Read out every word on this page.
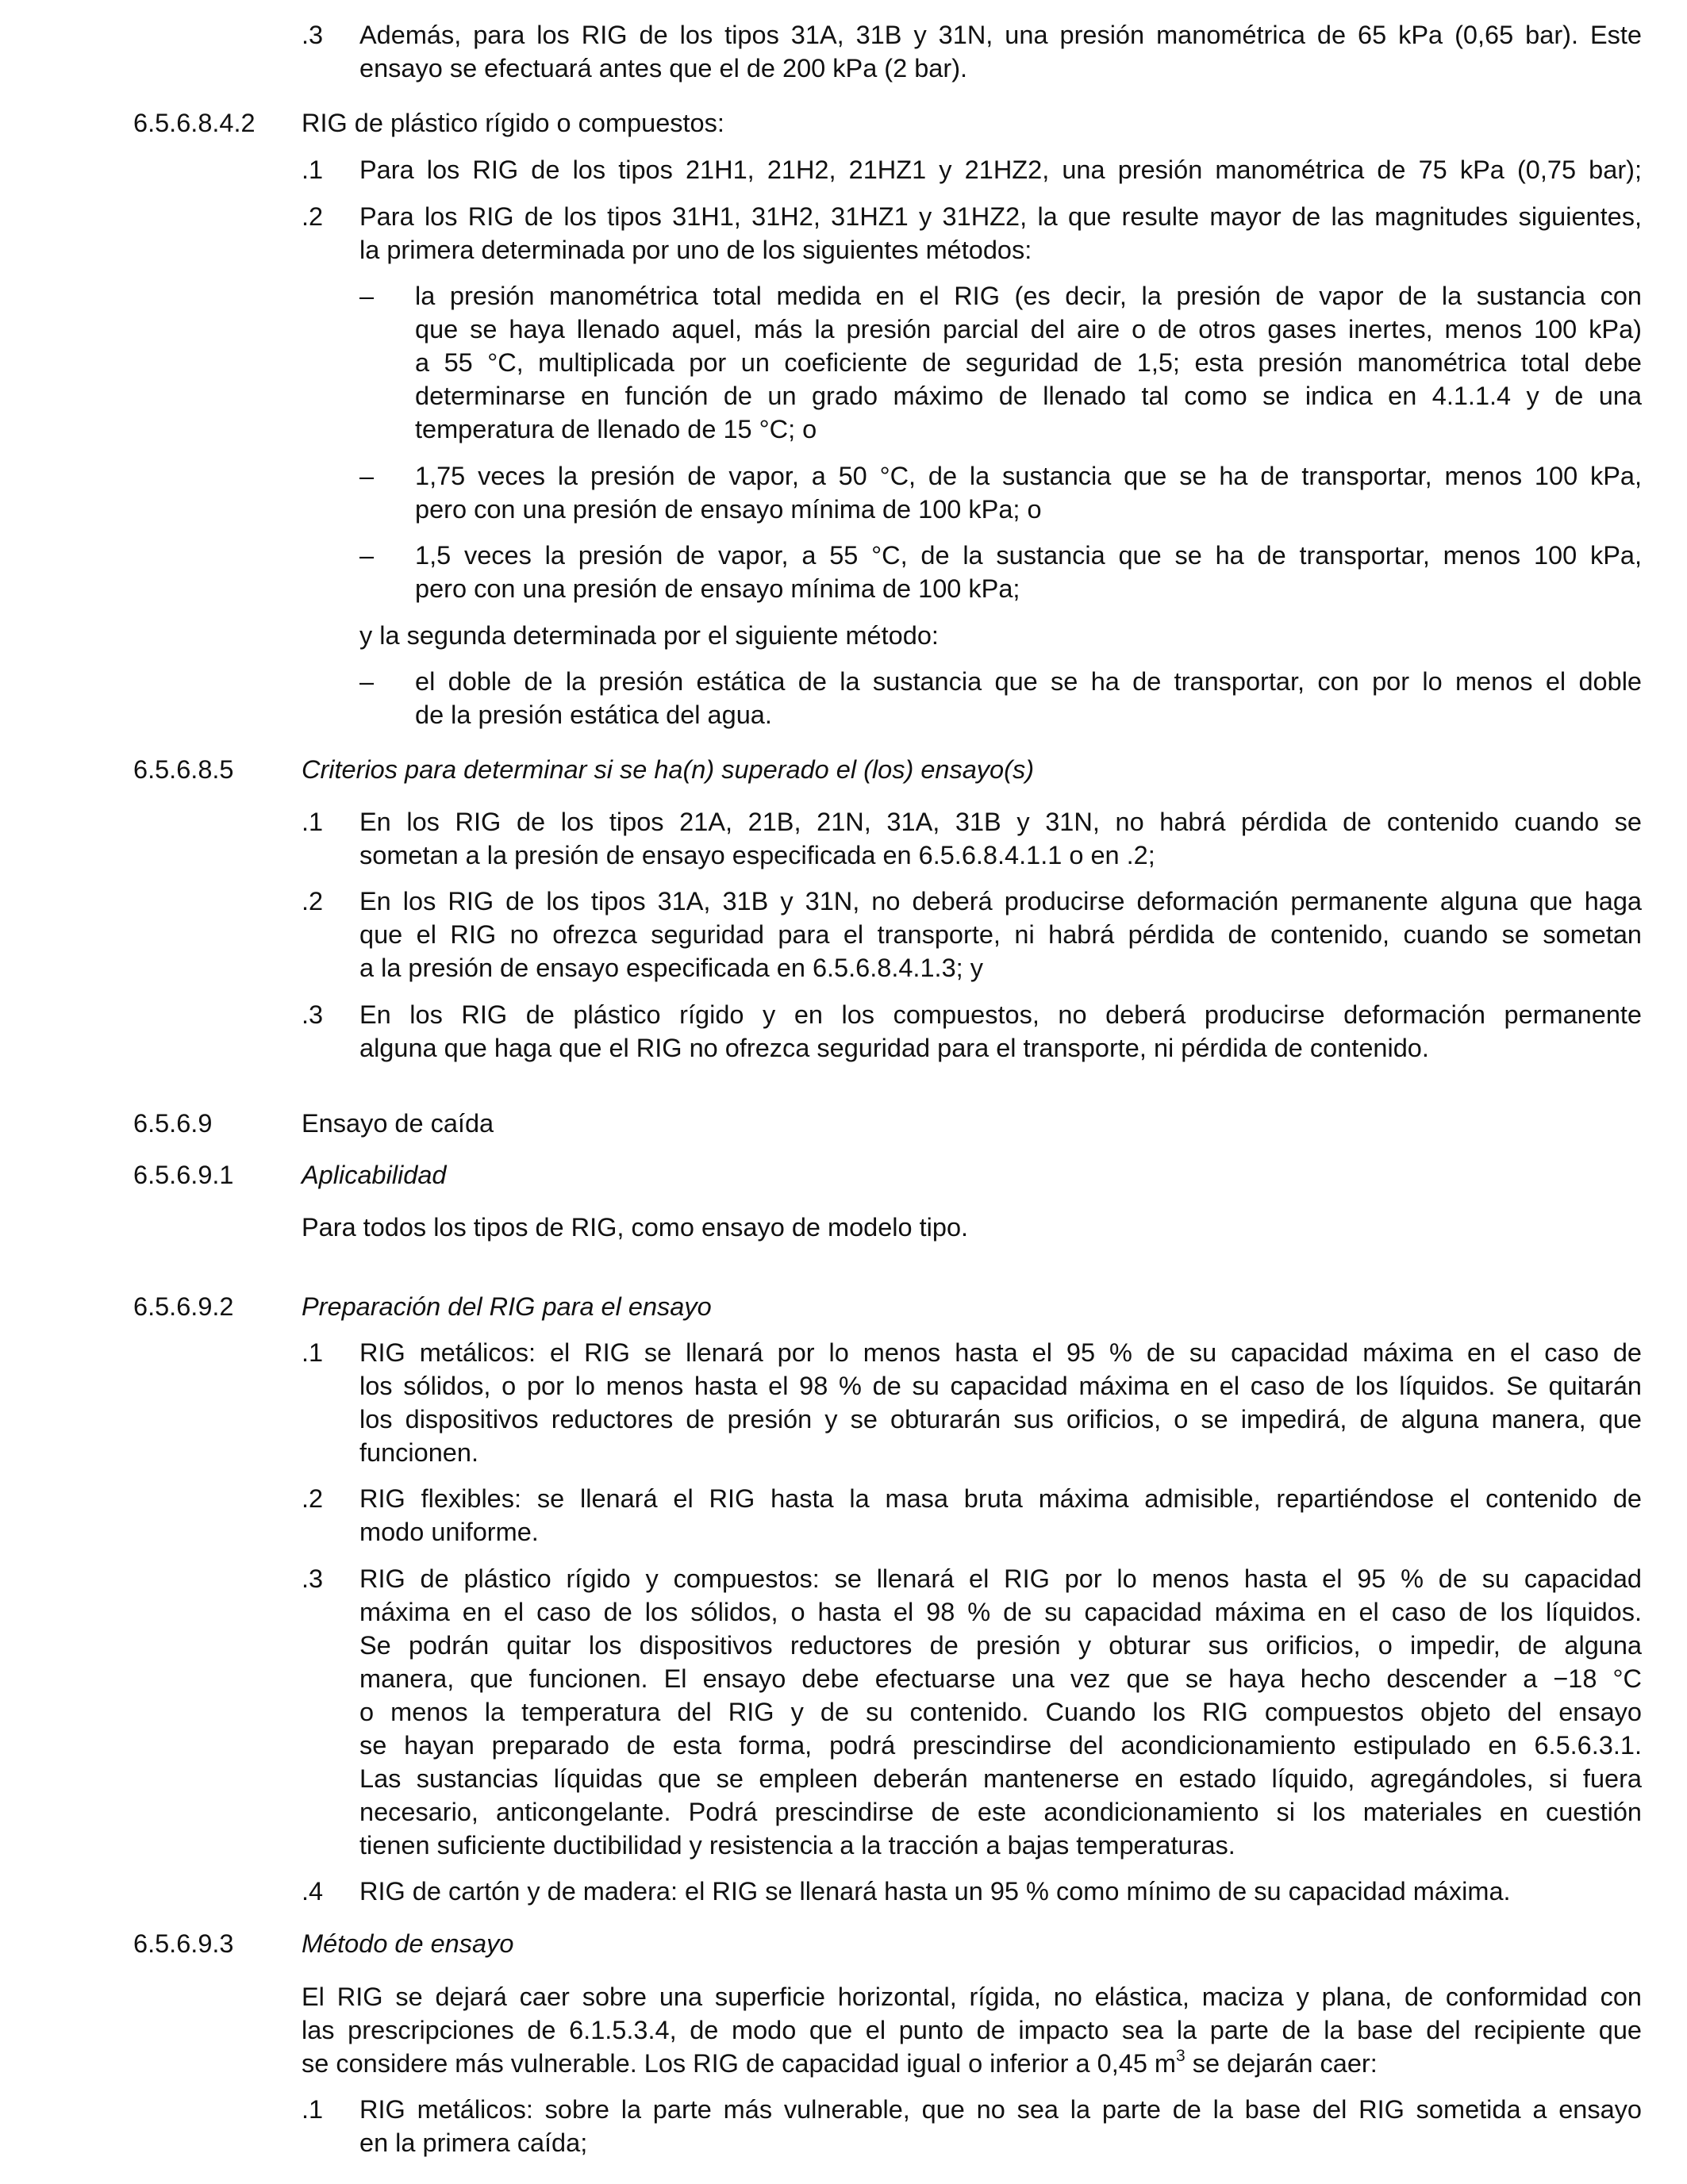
.3
6.5.6.8.4.2
.1
.2
–
–
–
–
6.5.6.8.5
.1
.2
.3
6.5.6.9
6.5.6.9.1
6.5.6.9.2
.1
.2
.3
.4
6.5.6.9.3
.1
Además, para los RIG de los tipos 31A, 31B y 31N, una presión manométrica de 65 kPa (0,65 bar). Este
ensayo se efectuará antes que el de 200 kPa (2 bar).
RIG de plástico rígido o compuestos:
Para los RIG de los tipos 21H1, 21H2, 21HZ1 y 21HZ2, una presión manométrica de 75 kPa (0,75 bar);
Para los RIG de los tipos 31H1, 31H2, 31HZ1 y 31HZ2, la que resulte mayor de las magnitudes siguientes,
la primera determinada por uno de los siguientes métodos:
la presión manométrica total medida en el RIG (es decir, la presión de vapor de la sustancia con
que se haya llenado aquel, más la presión parcial del aire o de otros gases inertes, menos 100 kPa)
a 55 °C, multiplicada por un coeficiente de seguridad de 1,5; esta presión manométrica total debe
determinarse en función de un grado máximo de llenado tal como se indica en 4.1.1.4 y de una
temperatura de llenado de 15 °C; o
1,75 veces la presión de vapor, a 50 °C, de la sustancia que se ha de transportar, menos 100 kPa,
pero con una presión de ensayo mínima de 100 kPa; o
1,5 veces la presión de vapor, a 55 °C, de la sustancia que se ha de transportar, menos 100 kPa,
pero con una presión de ensayo mínima de 100 kPa;
y la segunda determinada por el siguiente método:
el doble de la presión estática de la sustancia que se ha de transportar, con por lo menos el doble
de la presión estática del agua.
Criterios para determinar si se ha(n) superado el (los) ensayo(s)
En los RIG de los tipos 21A, 21B, 21N, 31A, 31B y 31N, no habrá pérdida de contenido cuando se
sometan a la presión de ensayo especificada en 6.5.6.8.4.1.1 o en .2;
En los RIG de los tipos 31A, 31B y 31N, no deberá producirse deformación permanente alguna que haga
que el RIG no ofrezca seguridad para el transporte, ni habrá pérdida de contenido, cuando se sometan
a la presión de ensayo especificada en 6.5.6.8.4.1.3; y
En los RIG de plástico rígido y en los compuestos, no deberá producirse deformación permanente
alguna que haga que el RIG no ofrezca seguridad para el transporte, ni pérdida de contenido.
Ensayo de caída
Aplicabilidad
Para todos los tipos de RIG, como ensayo de modelo tipo.
Preparación del RIG para el ensayo
RIG metálicos: el RIG se llenará por lo menos hasta el 95 % de su capacidad máxima en el caso de
los sólidos, o por lo menos hasta el 98 % de su capacidad máxima en el caso de los líquidos. Se quitarán
los dispositivos reductores de presión y se obturarán sus orificios, o se impedirá, de alguna manera, que
funcionen.
RIG flexibles: se llenará el RIG hasta la masa bruta máxima admisible, repartiéndose el contenido de
modo uniforme.
RIG de plástico rígido y compuestos: se llenará el RIG por lo menos hasta el 95 % de su capacidad
máxima en el caso de los sólidos, o hasta el 98 % de su capacidad máxima en el caso de los líquidos.
Se podrán quitar los dispositivos reductores de presión y obturar sus orificios, o impedir, de alguna
manera, que funcionen. El ensayo debe efectuarse una vez que se haya hecho descender a −18 °C
o menos la temperatura del RIG y de su contenido. Cuando los RIG compuestos objeto del ensayo
se hayan preparado de esta forma, podrá prescindirse del acondicionamiento estipulado en 6.5.6.3.1.
Las sustancias líquidas que se empleen deberán mantenerse en estado líquido, agregándoles, si fuera
necesario, anticongelante. Podrá prescindirse de este acondicionamiento si los materiales en cuestión
tienen suficiente ductibilidad y resistencia a la tracción a bajas temperaturas.
RIG de cartón y de madera: el RIG se llenará hasta un 95 % como mínimo de su capacidad máxima.
Método de ensayo
El RIG se dejará caer sobre una superficie horizontal, rígida, no elástica, maciza y plana, de conformidad con
las prescripciones de 6.1.5.3.4, de modo que el punto de impacto sea la parte de la base del recipiente que
se considere más vulnerable. Los RIG de capacidad igual o inferior a 0,45 $m^3$ se dejarán caer:
RIG metálicos: sobre la parte más vulnerable, que no sea la parte de la base del RIG sometida a ensayo
en la primera caída;
